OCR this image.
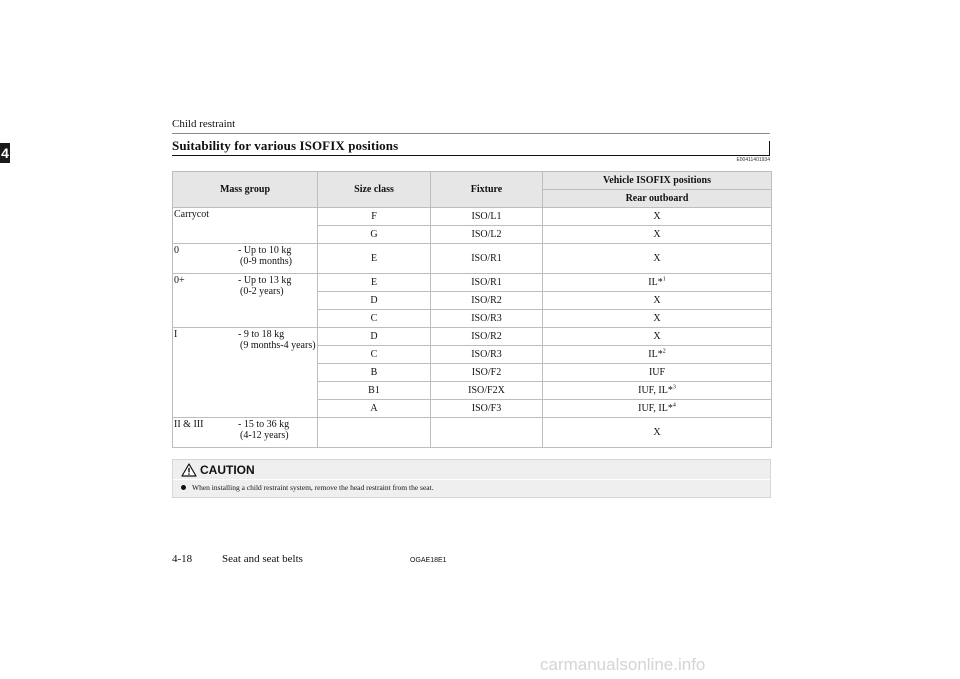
Child restraint
4	Suitability for various ISOFIX positions
E00411401934
Mass group	Size class	Fixture	Vehicle ISOFIX positions
			Rear outboard

Carrycot	F	ISO/L1	X
	G	ISO/L2	X

0 - Up to 10 kg
(0-9 months)	E	ISO/R1	X

0+ - Up to 13 kg
(0-2 years)	E	ISO/R1	IL*$^1$
	D	ISO/R2	X
	C	ISO/R3	X

I - 9 to 18 kg
(9 months-4 years)	D	ISO/R2	X
	C	ISO/R3	IL*$^2$
	B	ISO/F2	IUF
	B1	ISO/F2X	IUF, IL*$^3$
	A	ISO/F3	IUF, IL*$^4$

II & III - 15 to 36 kg
(4-12 years)			X
CAUTION
When installing a child restraint system, remove the head restraint from the seat.
4-18	Seat and seat belts	OGAE18E1
carmanualsonline.info
